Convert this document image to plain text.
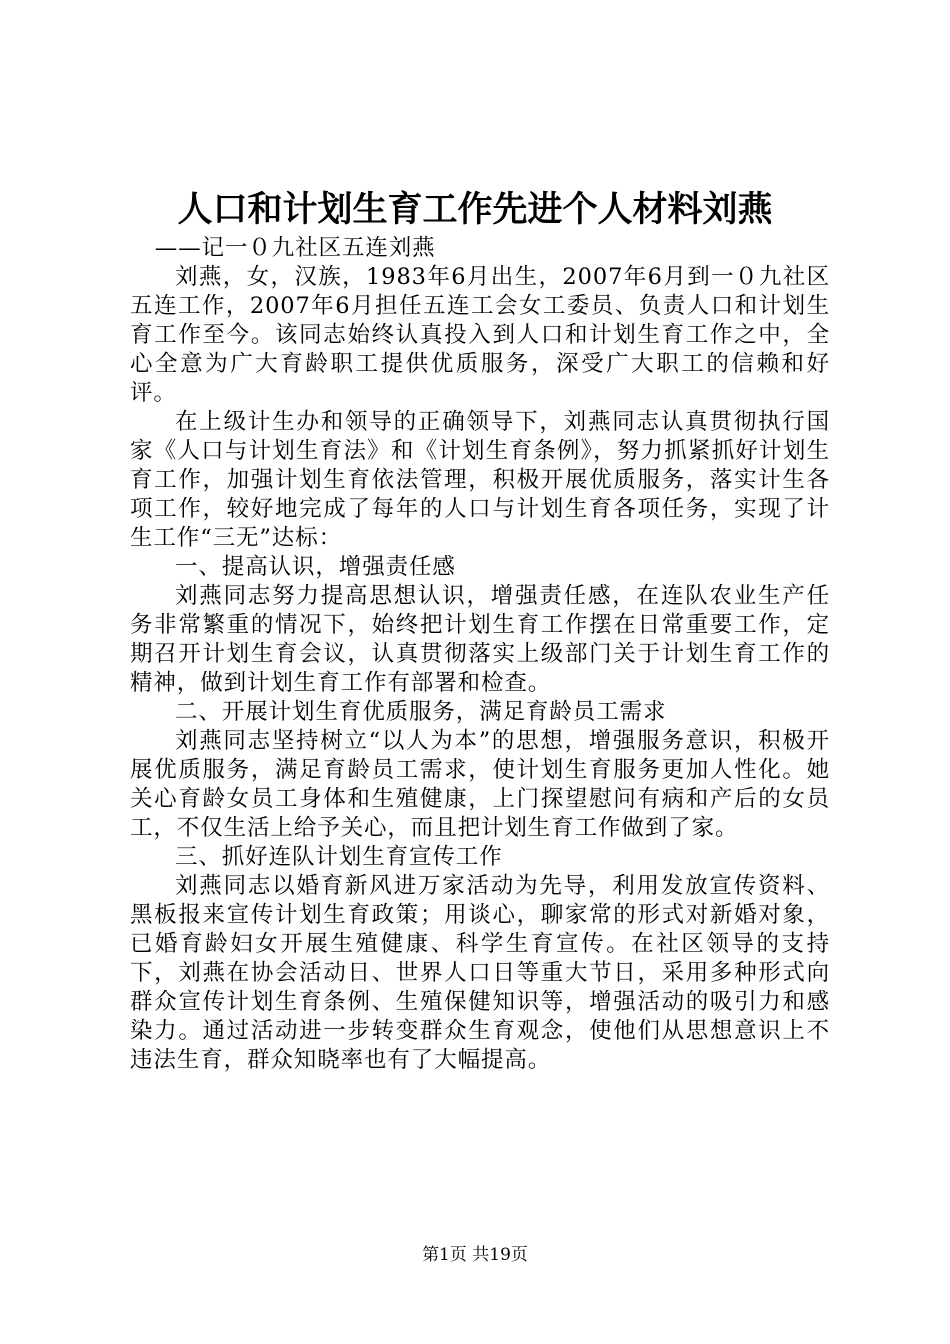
人口和计划生育工作先进个人材料刘燕

——记一０九社区五连刘燕

刘燕，女，汉族，1983年6月出生，2007年6月到一０九社区五连工作，2007年6月担任五连工会女工委员、负责人口和计划生育工作至今。该同志始终认真投入到人口和计划生育工作之中，全心全意为广大育龄职工提供优质服务，深受广大职工的信赖和好评。

在上级计生办和领导的正确领导下，刘燕同志认真贯彻执行国家《人口与计划生育法》和《计划生育条例》，努力抓紧抓好计划生育工作，加强计划生育依法管理，积极开展优质服务，落实计生各项工作，较好地完成了每年的人口与计划生育各项任务，实现了计生工作“三无”达标：

一、提高认识，增强责任感

刘燕同志努力提高思想认识，增强责任感，在连队农业生产任务非常繁重的情况下，始终把计划生育工作摆在日常重要工作，定期召开计划生育会议，认真贯彻落实上级部门关于计划生育工作的精神，做到计划生育工作有部署和检查。

二、开展计划生育优质服务，满足育龄员工需求

刘燕同志坚持树立“以人为本”的思想，增强服务意识，积极开展优质服务，满足育龄员工需求，使计划生育服务更加人性化。她关心育龄女员工身体和生殖健康，上门探望慰问有病和产后的女员工，不仅生活上给予关心，而且把计划生育工作做到了家。

三、抓好连队计划生育宣传工作

刘燕同志以婚育新风进万家活动为先导，利用发放宣传资料、黑板报来宣传计划生育政策；用谈心，聊家常的形式对新婚对象，已婚育龄妇女开展生殖健康、科学生育宣传。在社区领导的支持下，刘燕在协会活动日、世界人口日等重大节日，采用多种形式向群众宣传计划生育条例、生殖保健知识等，增强活动的吸引力和感染力。通过活动进一步转变群众生育观念，使他们从思想意识上不违法生育，群众知晓率也有了大幅提高。

第1页 共19页
